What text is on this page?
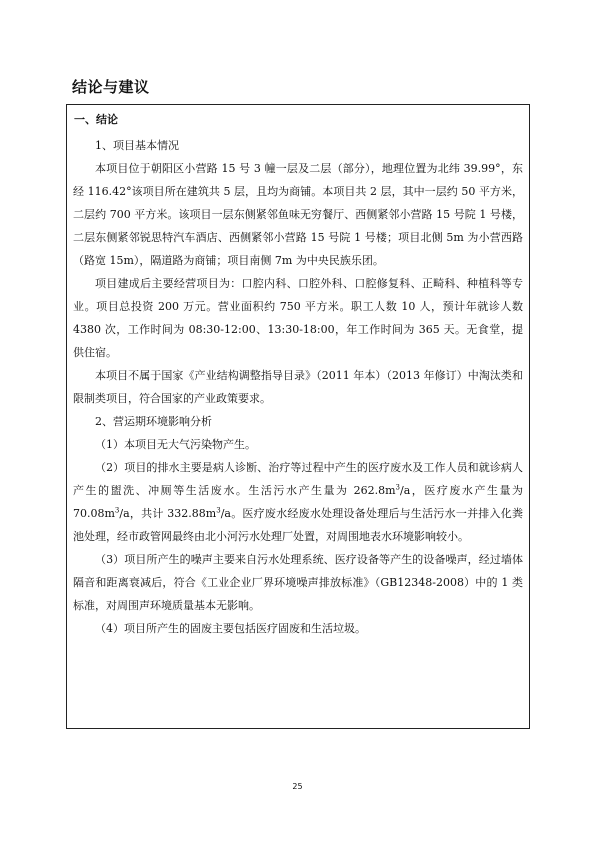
结论与建议
一、结论

1、项目基本情况

本项目位于朝阳区小营路 15 号 3 幢一层及二层（部分），地理位置为北纬 39.99°，东经 116.42°该项目所在建筑共 5 层，且均为商铺。本项目共 2 层，其中一层约 50 平方米，二层约 700 平方米。该项目一层东侧紧邻鱼味无穷餐厅、西侧紧邻小营路 15 号院 1 号楼，二层东侧紧邻锐思特汽车酒店、西侧紧邻小营路 15 号院 1 号楼；项目北侧 5m 为小营西路（路宽 15m），隔道路为商铺；项目南侧 7m 为中央民族乐团。

项目建成后主要经营项目为：口腔内科、口腔外科、口腔修复科、正畸科、种植科等专业。项目总投资 200 万元。营业面积约 750 平方米。职工人数 10 人，预计年就诊人数 4380 次，工作时间为 08:30-12:00、13:30-18:00，年工作时间为 365 天。无食堂，提供住宿。

本项目不属于国家《产业结构调整指导目录》（2011 年本）（2013 年修订）中淘汰类和限制类项目，符合国家的产业政策要求。

2、营运期环境影响分析

（1）本项目无大气污染物产生。

（2）项目的排水主要是病人诊断、治疗等过程中产生的医疗废水及工作人员和就诊病人产生的盥洗、冲厕等生活废水。生活污水产生量为 $262.8m^3/a$，医疗废水产生量为 $70.08m^3/a$，共计 $332.88m^3/a$。医疗废水经废水处理设备处理后与生活污水一并排入化粪池处理，经市政管网最终由北小河污水处理厂处置，对周围地表水环境影响较小。

（3）项目所产生的噪声主要来自污水处理系统、医疗设备等产生的设备噪声，经过墙体隔音和距离衰减后，符合《工业企业厂界环境噪声排放标准》（GB12348-2008）中的 1 类标准，对周围声环境质量基本无影响。

（4）项目所产生的固废主要包括医疗固废和生活垃圾。

25
